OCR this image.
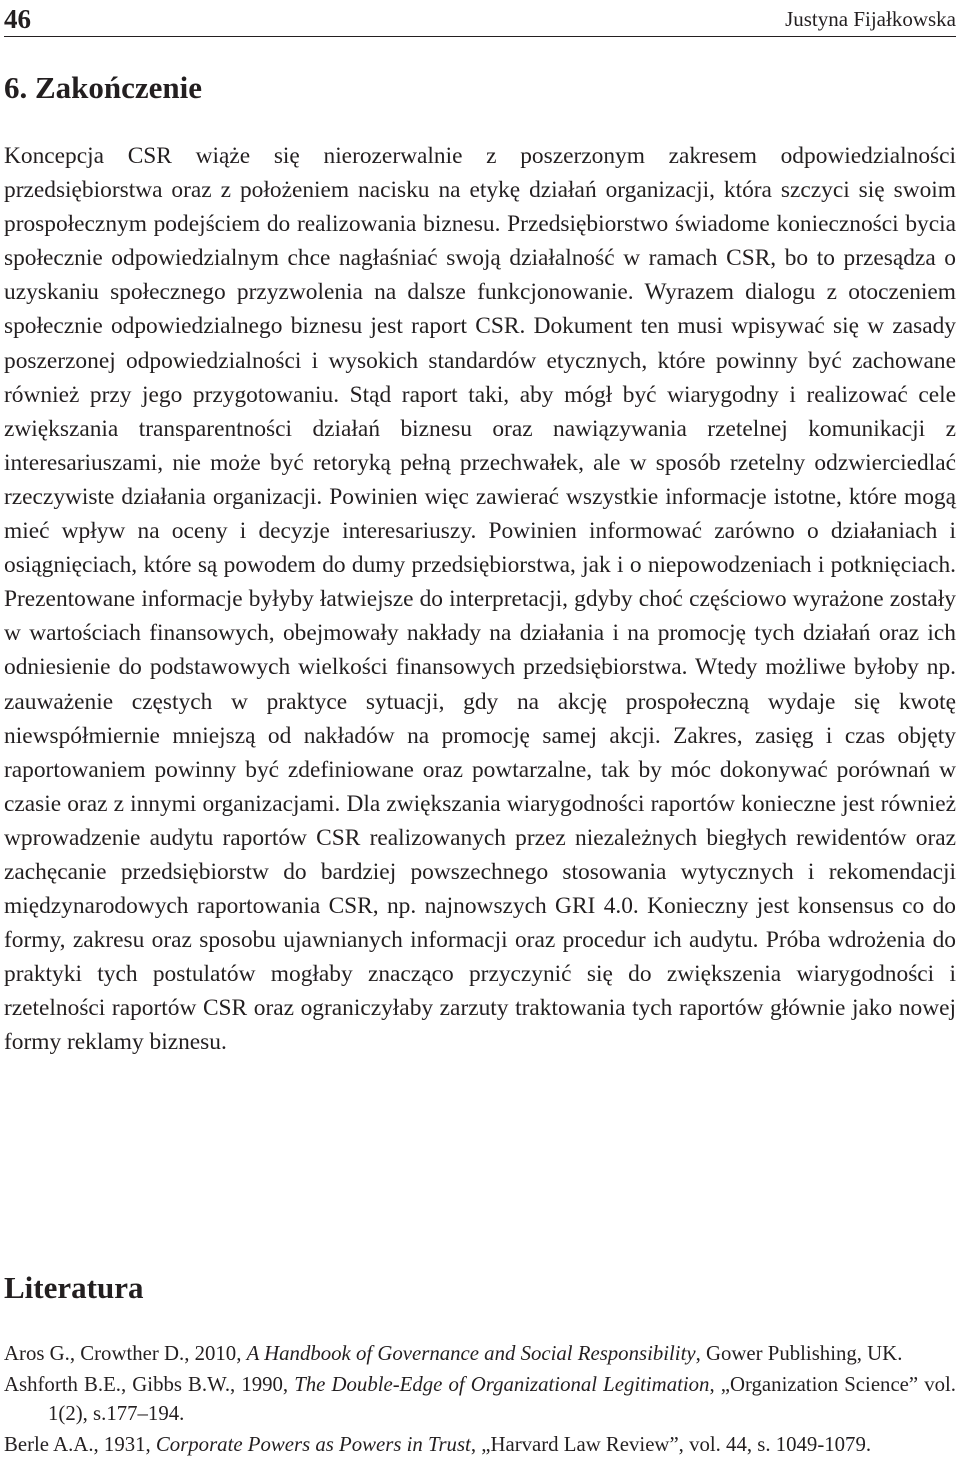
46	Justyna Fijałkowska
6. Zakończenie

Koncepcja CSR wiąże się nierozerwalnie z poszerzonym zakresem odpowiedzialności przedsiębiorstwa oraz z położeniem nacisku na etykę działań organizacji, która szczyci się swoim prospołecznym podejściem do realizowania biznesu. Przedsiębiorstwo świadome konieczności bycia społecznie odpowiedzialnym chce nagłaśniać swoją działalność w ramach CSR, bo to przesądza o uzyskaniu społecznego przyzwolenia na dalsze funkcjonowanie. Wyrazem dialogu z otoczeniem społecznie odpowiedzialnego biznesu jest raport CSR. Dokument ten musi wpisywać się w zasady poszerzonej odpowiedzialności i wysokich standardów etycznych, które powinny być zachowane również przy jego przygotowaniu. Stąd raport taki, aby mógł być wiarygodny i realizować cele zwiększania transparentności działań biznesu oraz nawiązywania rzetelnej komunikacji z interesariuszami, nie może być retoryką pełną przechwałek, ale w sposób rzetelny odzwierciedlać rzeczywiste działania organizacji. Powinien więc zawierać wszystkie informacje istotne, które mogą mieć wpływ na oceny i decyzje interesariuszy. Powinien informować zarówno o działaniach i osiągnięciach, które są powodem do dumy przedsiębiorstwa, jak i o niepowodzeniach i potknięciach. Prezentowane informacje byłyby łatwiejsze do interpretacji, gdyby choć częściowo wyrażone zostały w wartościach finansowych, obejmowały nakłady na działania i na promocję tych działań oraz ich odniesienie do podstawowych wielkości finansowych przedsiębiorstwa. Wtedy możliwe byłoby np. zauważenie częstych w praktyce sytuacji, gdy na akcję prospołeczną wydaje się kwotę niewspółmiernie mniejszą od nakładów na promocję samej akcji. Zakres, zasięg i czas objęty raportowaniem powinny być zdefiniowane oraz powtarzalne, tak by móc dokonywać porównań w czasie oraz z innymi organizacjami. Dla zwiększania wiarygodności raportów konieczne jest również wprowadzenie audytu raportów CSR realizowanych przez niezależnych biegłych rewidentów oraz zachęcanie przedsiębiorstw do bardziej powszechnego stosowania wytycznych i rekomendacji międzynarodowych raportowania CSR, np. najnowszych GRI 4.0. Konieczny jest konsensus co do formy, zakresu oraz sposobu ujawnianych informacji oraz procedur ich audytu. Próba wdrożenia do praktyki tych postulatów mogłaby znacząco przyczynić się do zwiększenia wiarygodności i rzetelności raportów CSR oraz ograniczyłaby zarzuty traktowania tych raportów głównie jako nowej formy reklamy biznesu.

Literatura
Aros G., Crowther D., 2010, A Handbook of Governance and Social Responsibility, Gower Publishing, UK.
Ashforth B.E., Gibbs B.W., 1990, The Double-Edge of Organizational Legitimation, „Organization Science” vol. 1(2), s.177–194.
Berle A.A., 1931, Corporate Powers as Powers in Trust, „Harvard Law Review”, vol. 44, s. 1049-1079.
